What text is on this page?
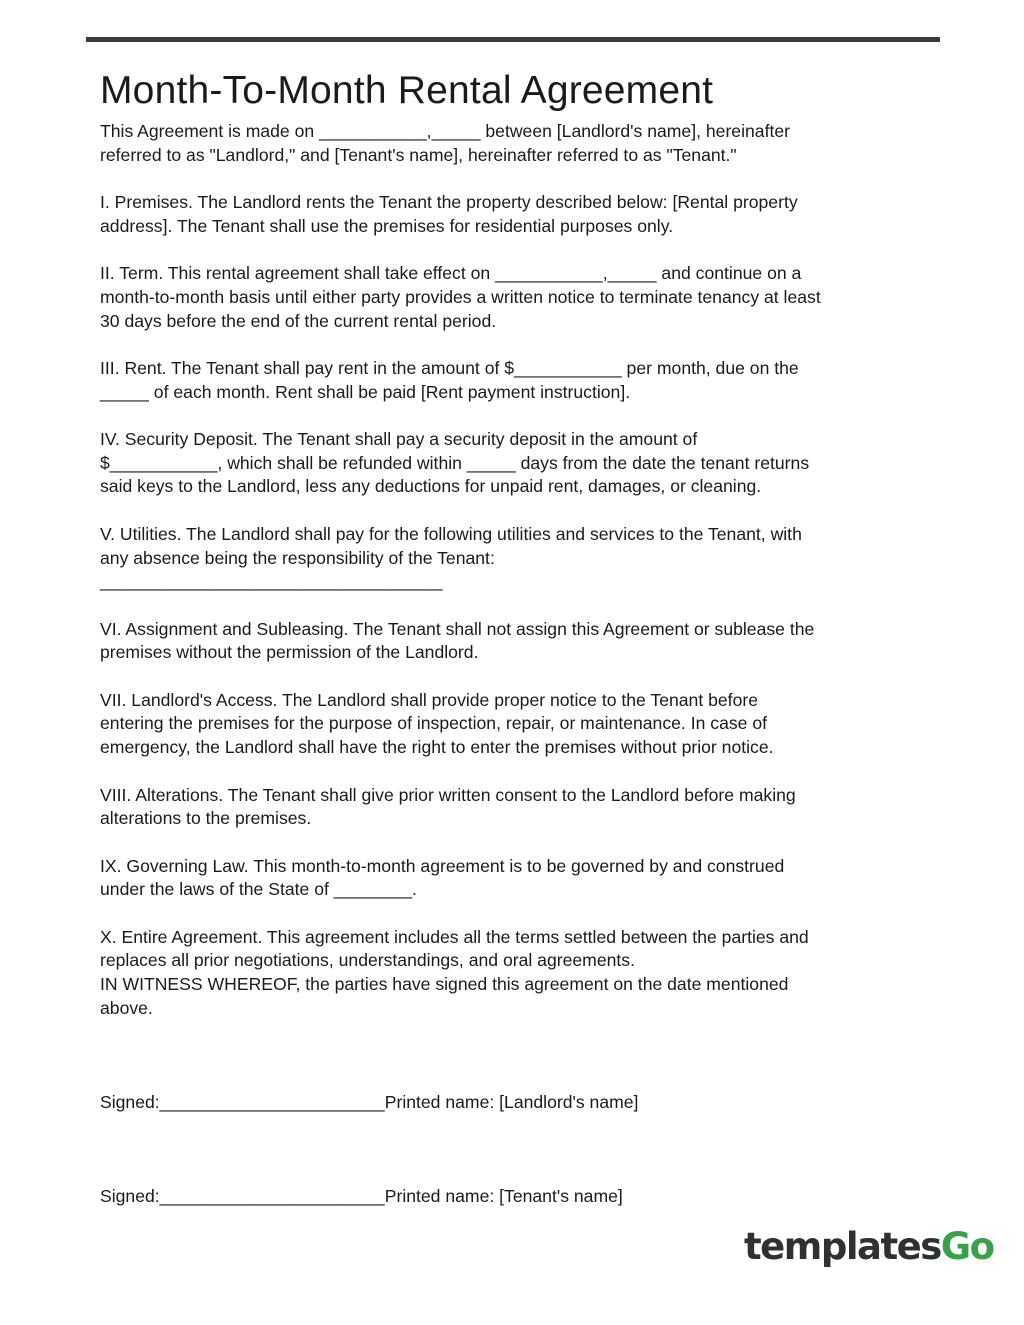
Month-To-Month Rental Agreement

This Agreement is made on ___________,_____ between [Landlord's name], hereinafter
referred to as "Landlord," and [Tenant's name], hereinafter referred to as "Tenant."

I. Premises. The Landlord rents the Tenant the property described below: [Rental property
address]. The Tenant shall use the premises for residential purposes only.

II. Term. This rental agreement shall take effect on ___________,_____ and continue on a
month-to-month basis until either party provides a written notice to terminate tenancy at least
30 days before the end of the current rental period.

III. Rent. The Tenant shall pay rent in the amount of $___________ per month, due on the
_____ of each month. Rent shall be paid [Rent payment instruction].

IV. Security Deposit. The Tenant shall pay a security deposit in the amount of
$___________, which shall be refunded within _____ days from the date the tenant returns
said keys to the Landlord, less any deductions for unpaid rent, damages, or cleaning.

V. Utilities. The Landlord shall pay for the following utilities and services to the Tenant, with
any absence being the responsibility of the Tenant:
___________________________________

VI. Assignment and Subleasing. The Tenant shall not assign this Agreement or sublease the
premises without the permission of the Landlord.

VII. Landlord's Access. The Landlord shall provide proper notice to the Tenant before
entering the premises for the purpose of inspection, repair, or maintenance. In case of
emergency, the Landlord shall have the right to enter the premises without prior notice.

VIII. Alterations. The Tenant shall give prior written consent to the Landlord before making
alterations to the premises.

IX. Governing Law. This month-to-month agreement is to be governed by and construed
under the laws of the State of ________.

X. Entire Agreement. This agreement includes all the terms settled between the parties and
replaces all prior negotiations, understandings, and oral agreements.

IN WITNESS WHEREOF, the parties have signed this agreement on the date mentioned
above.

Signed:_______________________Printed name: [Landlord's name]
Signed:_______________________Printed name: [Tenant's name]
templatesGo
